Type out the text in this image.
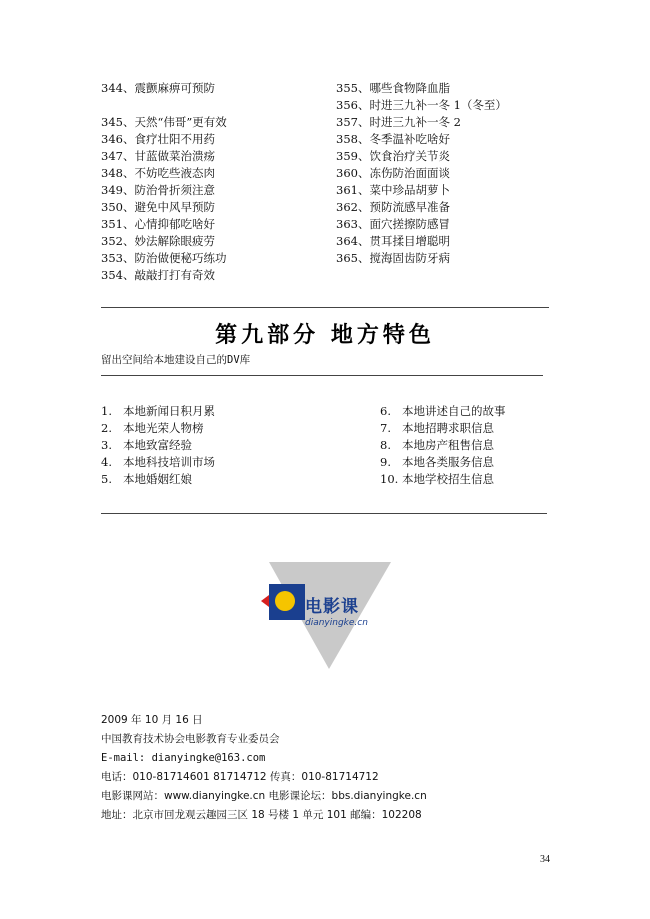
344、震颤麻痹可预防
345、天然“伟哥”更有效
346、食疗壮阳不用药
347、甘蓝做菜治溃疡
348、不妨吃些液态肉
349、防治骨折须注意
350、避免中风早预防
351、心情抑郁吃啥好
352、妙法解除眼疲劳
353、防治做便秘巧练功
354、敲敲打打有奇效
355、哪些食物降血脂
356、时进三九补一冬 1（冬至）
357、时进三九补一冬 2
358、冬季温补吃啥好
359、饮食治疗关节炎
360、冻伤防治面面谈
361、菜中珍品胡萝卜
362、预防流感早准备
363、面穴搓擦防感冒
364、贯耳揉目增聪明
365、搅海固齿防牙病
第九部分 地方特色
留出空间给本地建设自己的DV库
1. 本地新闻日积月累
2. 本地光荣人物榜
3. 本地致富经验
4. 本地科技培训市场
5. 本地婚姻红娘
6. 本地讲述自己的故事
7. 本地招聘求职信息
8. 本地房产租售信息
9. 本地各类服务信息
10. 本地学校招生信息
电影课
dianyingke.cn
2009 年 10 月 16 日
中国教育技术协会电影教育专业委员会
E-mail: dianyingke@163.com
电话：010-81714601 81714712 传真：010-81714712
电影课网站：www.dianyingke.cn 电影课论坛：bbs.dianyingke.cn
地址：北京市回龙观云趣园三区 18 号楼 1 单元 101 邮编：102208
34
